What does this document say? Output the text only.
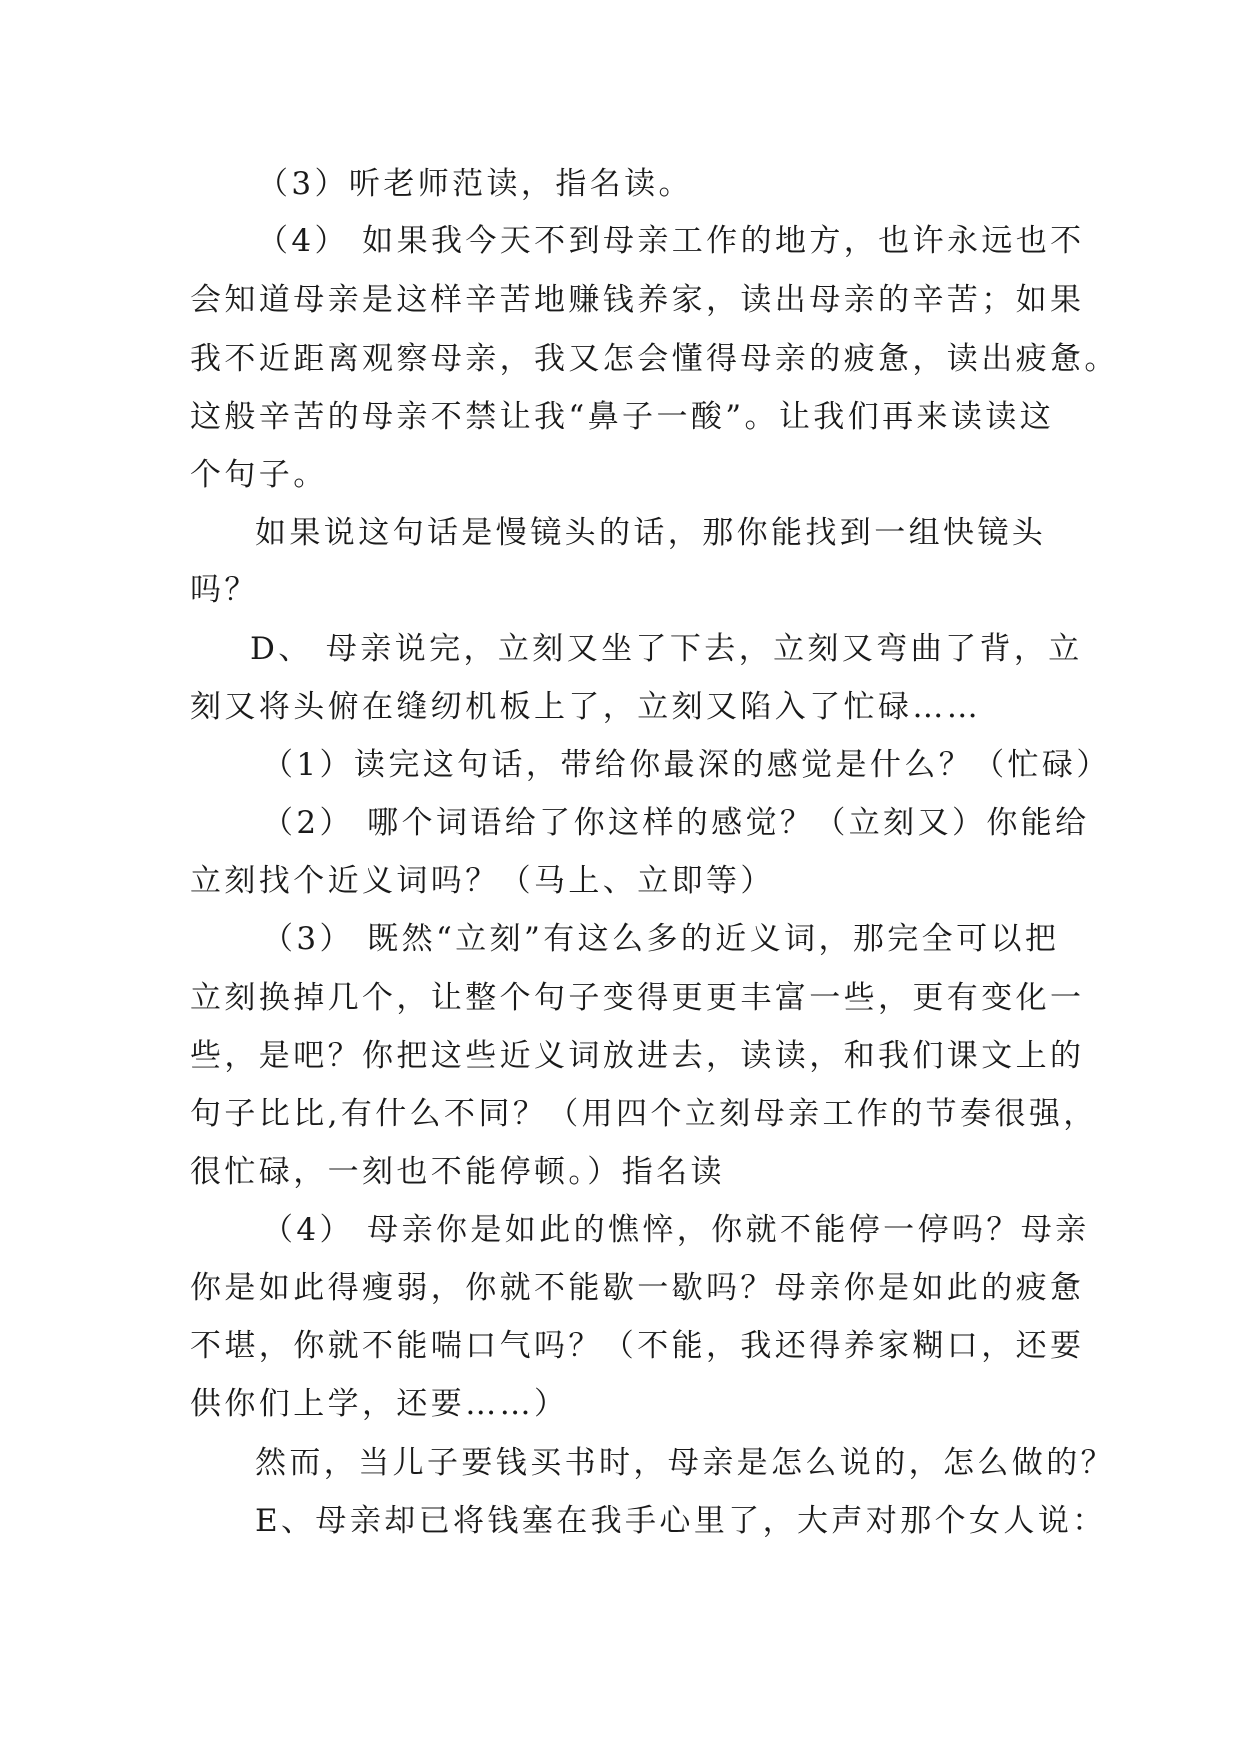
（3）听老师范读，指名读。

（4） 如果我今天不到母亲工作的地方，也许永远也不

会知道母亲是这样辛苦地赚钱养家，读出母亲的辛苦；如果

我不近距离观察母亲，我又怎会懂得母亲的疲惫，读出疲惫。

这般辛苦的母亲不禁让我“鼻子一酸”。让我们再来读读这

个句子。

如果说这句话是慢镜头的话，那你能找到一组快镜头

吗？

D、 母亲说完，立刻又坐了下去，立刻又弯曲了背，立

刻又将头俯在缝纫机板上了，立刻又陷入了忙碌……

（1）读完这句话，带给你最深的感觉是什么？（忙碌）

（2） 哪个词语给了你这样的感觉？（立刻又）你能给

立刻找个近义词吗？（马上、立即等）

（3） 既然“立刻”有这么多的近义词，那完全可以把

立刻换掉几个，让整个句子变得更更丰富一些，更有变化一

些，是吧？你把这些近义词放进去，读读，和我们课文上的

句子比比,有什么不同？（用四个立刻母亲工作的节奏很强，

很忙碌，一刻也不能停顿。）指名读

（4） 母亲你是如此的憔悴，你就不能停一停吗？母亲

你是如此得瘦弱，你就不能歇一歇吗？母亲你是如此的疲惫

不堪，你就不能喘口气吗？（不能，我还得养家糊口，还要

供你们上学，还要……）

然而，当儿子要钱买书时，母亲是怎么说的，怎么做的？

E、母亲却已将钱塞在我手心里了，大声对那个女人说：
